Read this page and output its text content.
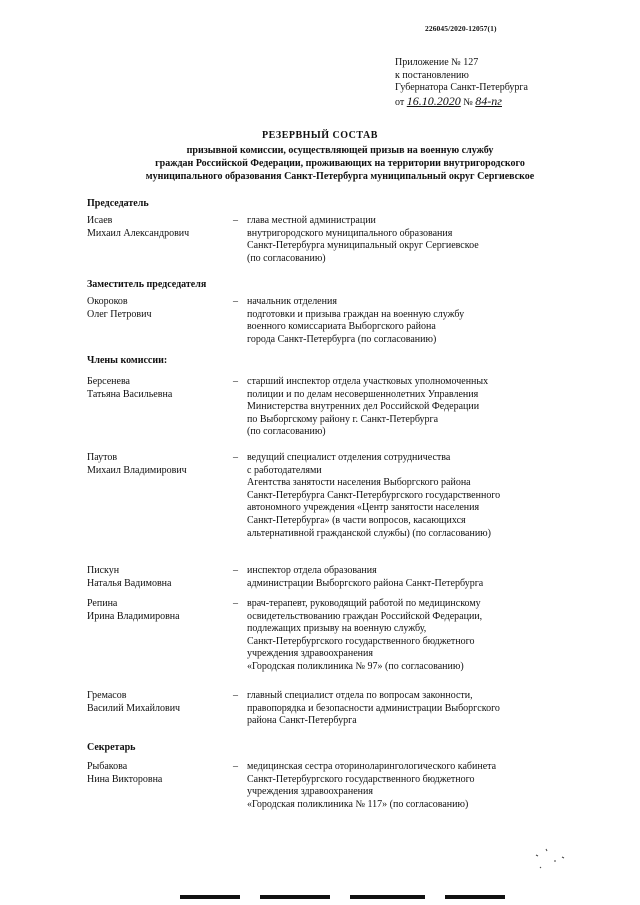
226045/2020-12057(1)
Приложение № 127
к постановлению
Губернатора Санкт-Петербурга
от 16.10.2020 № 84-пг
РЕЗЕРВНЫЙ СОСТАВ
призывной комиссии, осуществляющей призыв на военную службу
граждан Российской Федерации, проживающих на территории внутригородского
муниципального образования Санкт-Петербурга муниципальный округ Сергиевское
Председатель
Исаев
Михаил Александрович
– глава местной администрации
внутригородского муниципального образования
Санкт-Петербурга муниципальный округ Сергиевское
(по согласованию)
Заместитель председателя
Окороков
Олег Петрович
– начальник отделения
подготовки и призыва граждан на военную службу
военного комиссариата Выборгского района
города Санкт-Петербурга (по согласованию)
Члены комиссии:
Берсенева
Татьяна Васильевна
– старший инспектор отдела участковых уполномоченных
полиции и по делам несовершеннолетних Управления
Министерства внутренних дел Российской Федерации
по Выборгскому району г. Санкт-Петербурга
(по согласованию)
Паутов
Михаил Владимирович
– ведущий специалист отделения сотрудничества
с работодателями
Агентства занятости населения Выборгского района
Санкт-Петербурга Санкт-Петербургского государственного
автономного учреждения «Центр занятости населения
Санкт-Петербурга» (в части вопросов, касающихся
альтернативной гражданской службы) (по согласованию)
Пискун
Наталья Вадимовна
– инспектор отдела образования
администрации Выборгского района Санкт-Петербурга
Репина
Ирина Владимировна
– врач-терапевт, руководящий работой по медицинскому
освидетельствованию граждан Российской Федерации,
подлежащих призыву на военную службу,
Санкт-Петербургского государственного бюджетного
учреждения здравоохранения
«Городская поликлиника № 97» (по согласованию)
Гремасов
Василий Михайлович
– главный специалист отдела по вопросам законности,
правопорядка и безопасности администрации Выборгского
района Санкт-Петербурга
Секретарь
Рыбакова
Нина Викторовна
– медицинская сестра оториноларингологического кабинета
Санкт-Петербургского государственного бюджетного
учреждения здравоохранения
«Городская поликлиника № 117» (по согласованию)
